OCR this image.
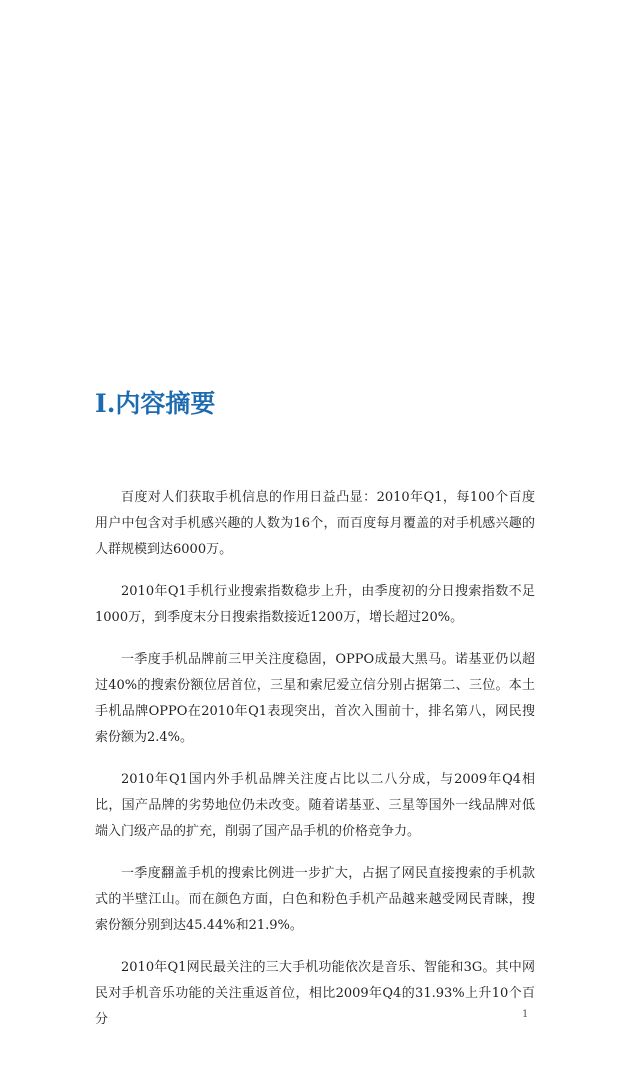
I.内容摘要

百度对人们获取手机信息的作用日益凸显：2010年Q1，每100个百度用户中包含对手机感兴趣的人数为16个，而百度每月覆盖的对手机感兴趣的人群规模到达6000万。

2010年Q1手机行业搜索指数稳步上升，由季度初的分日搜索指数不足1000万，到季度末分日搜索指数接近1200万，增长超过20%。

一季度手机品牌前三甲关注度稳固，OPPO成最大黑马。诺基亚仍以超过40%的搜索份额位居首位，三星和索尼爱立信分别占据第二、三位。本土手机品牌OPPO在2010年Q1表现突出，首次入围前十，排名第八，网民搜索份额为2.4%。

2010年Q1国内外手机品牌关注度占比以二八分成，与2009年Q4相比，国产品牌的劣势地位仍未改变。随着诺基亚、三星等国外一线品牌对低端入门级产品的扩充，削弱了国产品手机的价格竞争力。

一季度翻盖手机的搜索比例进一步扩大，占据了网民直接搜索的手机款式的半壁江山。而在颜色方面，白色和粉色手机产品越来越受网民青睐，搜索份额分别到达45.44%和21.9%。

2010年Q1网民最关注的三大手机功能依次是音乐、智能和3G。其中网民对手机音乐功能的关注重返首位，相比2009年Q4的31.93%上升10个百分	1
